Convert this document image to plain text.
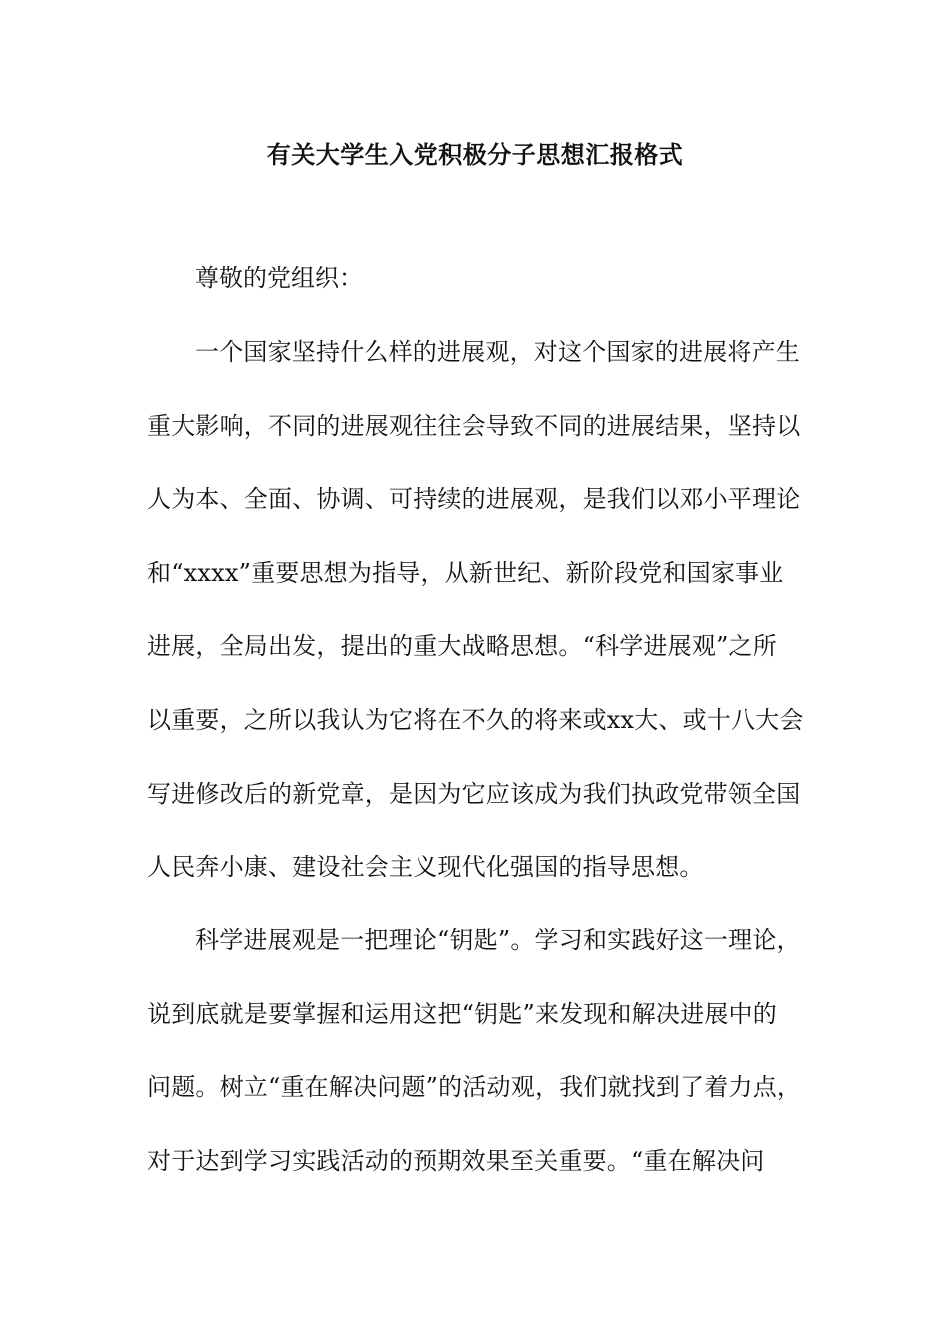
有关大学生入党积极分子思想汇报格式
尊敬的党组织：
一个国家坚持什么样的进展观，对这个国家的进展将产生
重大影响，不同的进展观往往会导致不同的进展结果，坚持以
人为本、全面、协调、可持续的进展观，是我们以邓小平理论
和“xxxx”重要思想为指导，从新世纪、新阶段党和国家事业
进展，全局出发，提出的重大战略思想。“科学进展观”之所
以重要，之所以我认为它将在不久的将来或xx大、或十八大会
写进修改后的新党章，是因为它应该成为我们执政党带领全国
人民奔小康、建设社会主义现代化强国的指导思想。
科学进展观是一把理论“钥匙”。学习和实践好这一理论，
说到底就是要掌握和运用这把“钥匙”来发现和解决进展中的
问题。树立“重在解决问题”的活动观，我们就找到了着力点，
对于达到学习实践活动的预期效果至关重要。“重在解决问
